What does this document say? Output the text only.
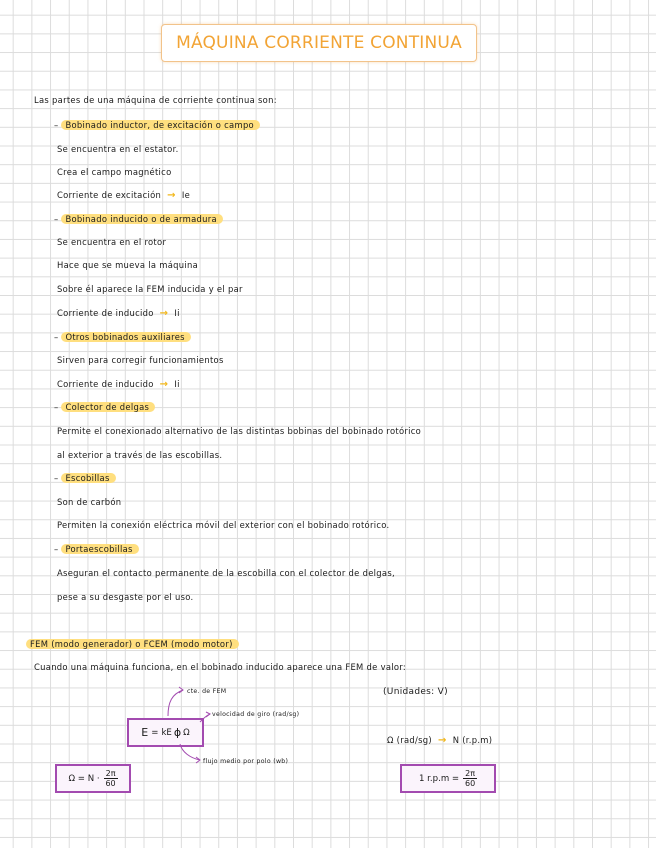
MÁQUINA CORRIENTE CONTINUA
Las partes de una máquina de corriente continua son:
– Bobinado inductor, de excitación o campo
Se encuentra en el estator.
Crea el campo magnético
Corriente de excitación → Ie
– Bobinado inducido o de armadura
Se encuentra en el rotor
Hace que se mueva la máquina
Sobre él aparece la FEM inducida y el par
Corriente de inducido → Ii
– Otros bobinados auxiliares
Sirven para corregir funcionamientos
Corriente de inducido → Ii
– Colector de delgas
Permite el conexionado alternativo de las distintas bobinas del bobinado rotórico
al exterior a través de las escobillas.
– Escobillas
Son de carbón
Permiten la conexión eléctrica móvil del exterior con el bobinado rotórico.
– Portaescobillas
Aseguran el contacto permanente de la escobilla con el colector de delgas,
pese a su desgaste por el uso.
FEM (modo generador) o FCEM (modo motor)
Cuando una máquina funciona, en el bobinado inducido aparece una FEM de valor:
cte. de FEM
velocidad de giro (rad/sg)
flujo medio por polo (wb)
(Unidades: V)
E = kE ϕ Ω
Ω (rad/sg) → N (r.p.m)
$\Omega = N \cdot \frac{2\pi}{60}$	1 $r.p.m = \frac{2\pi}{60}$
